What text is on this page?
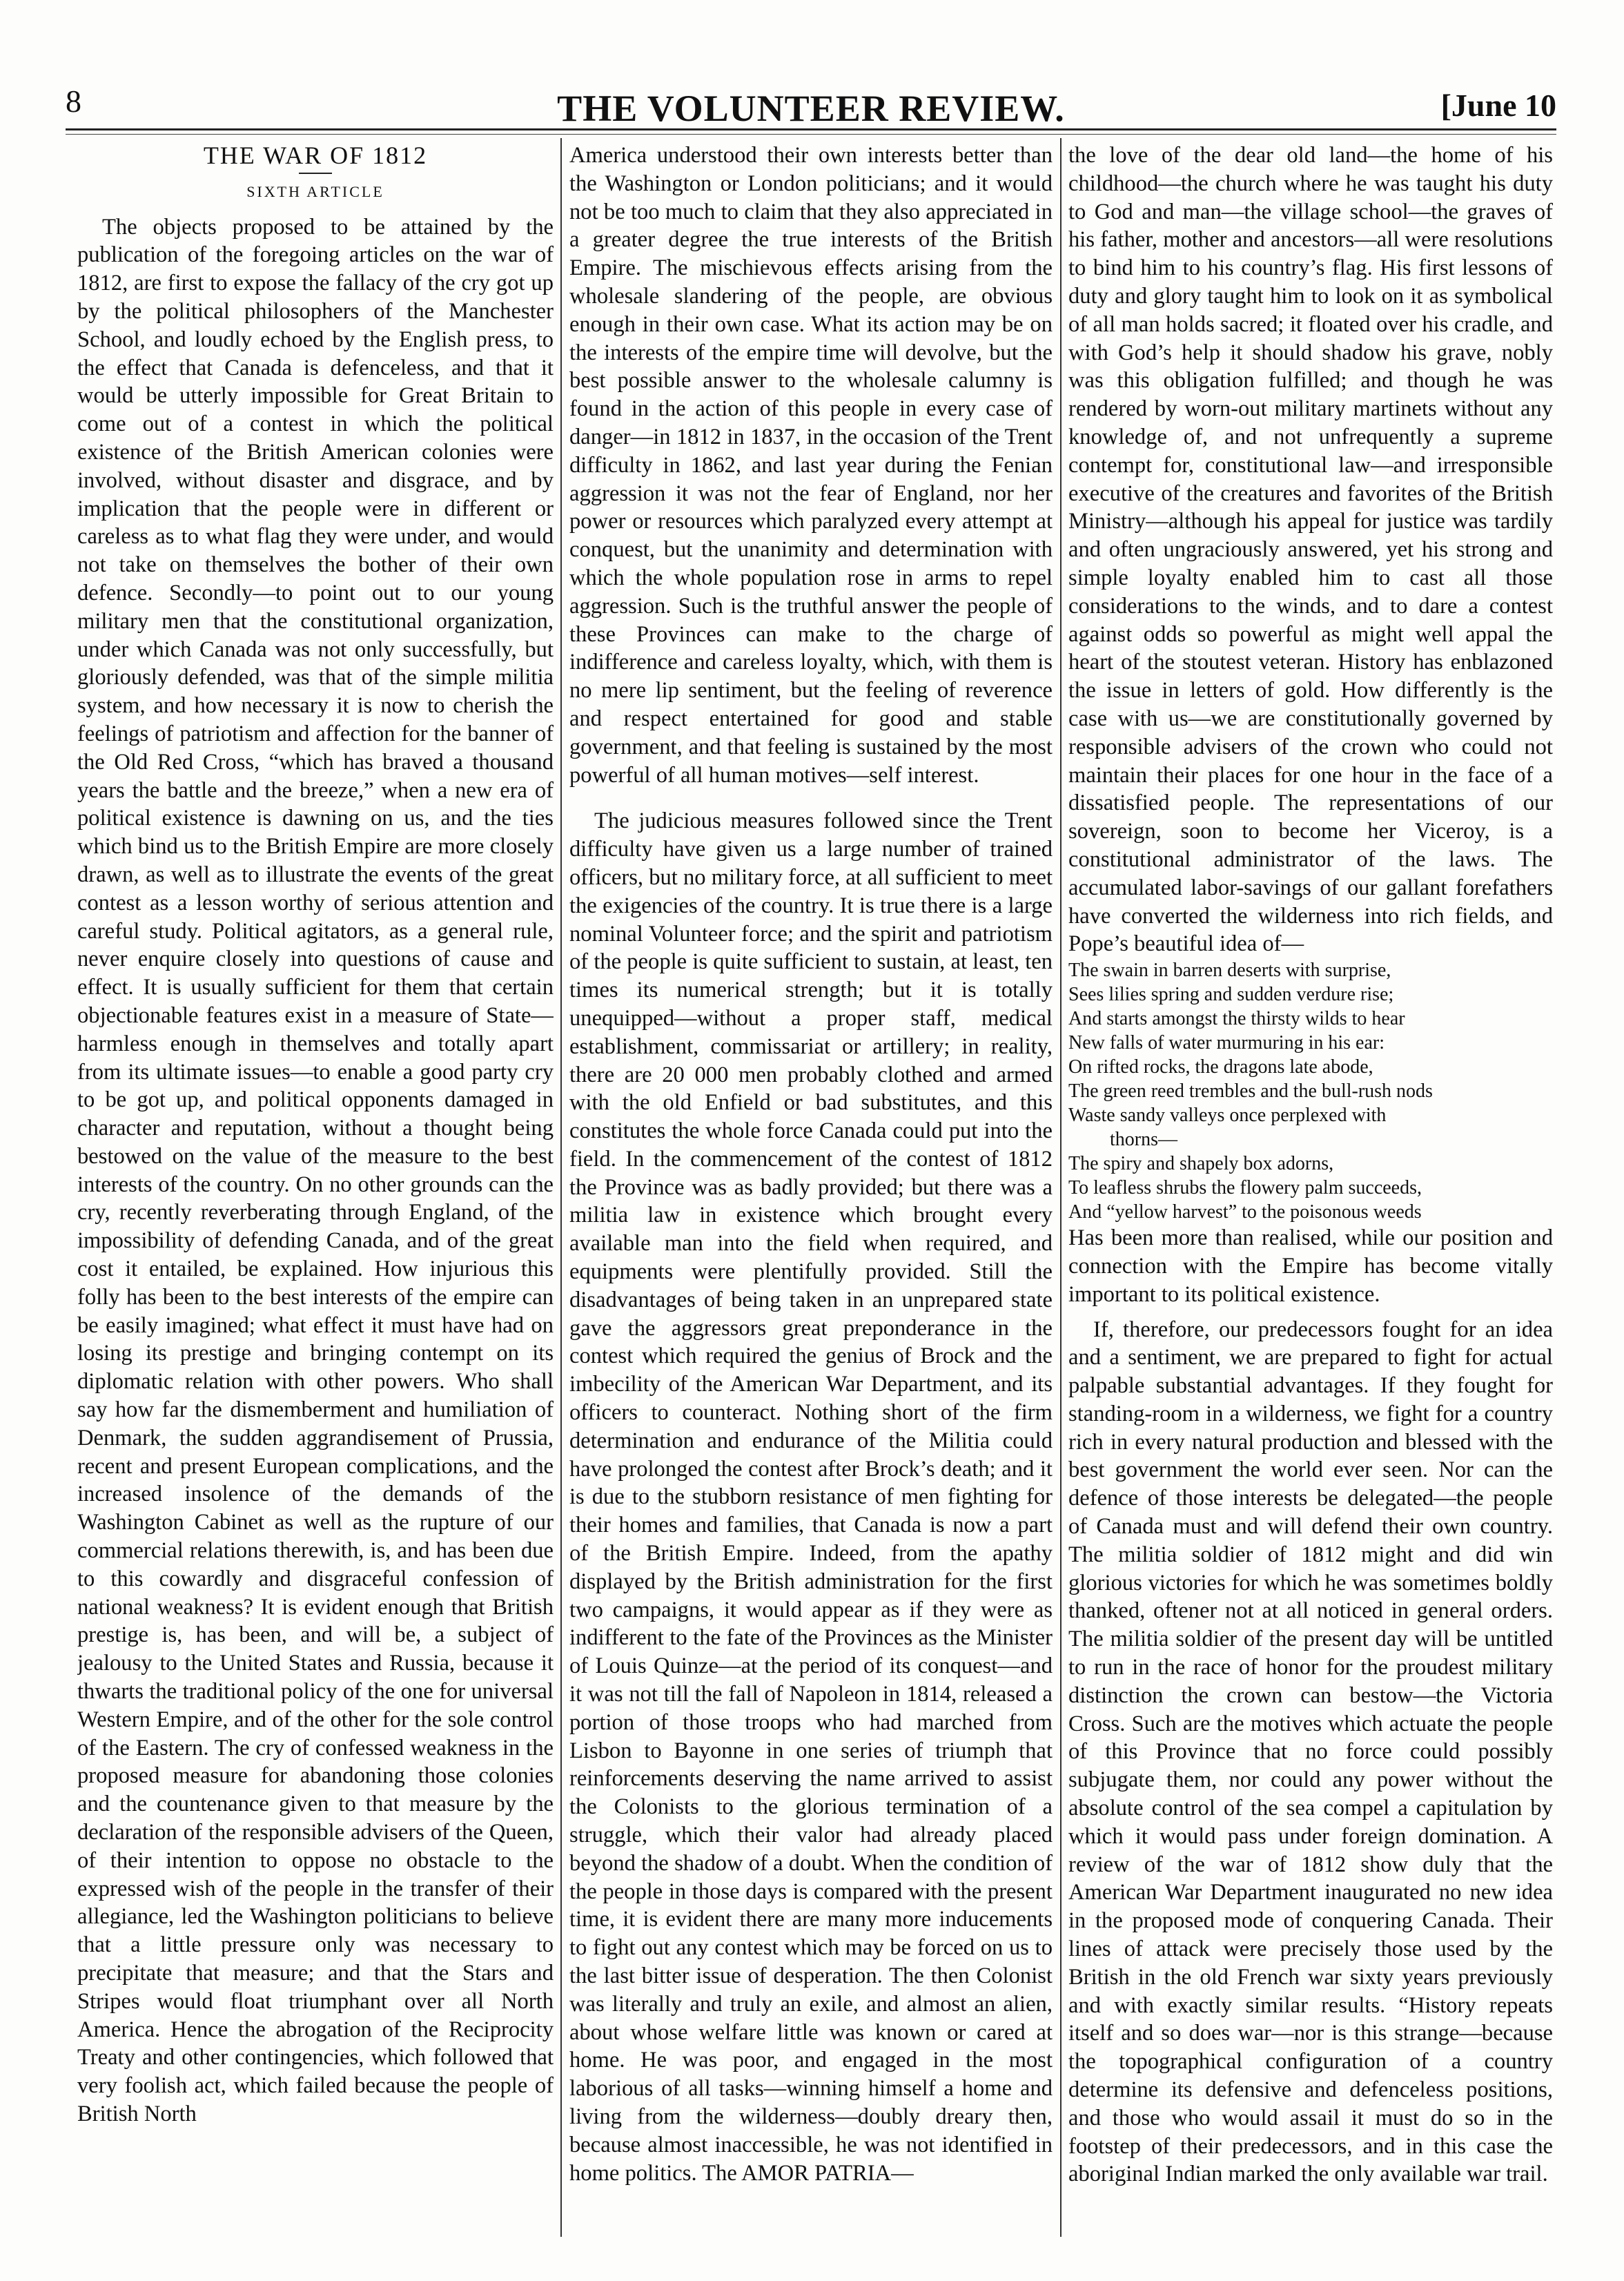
8	THE VOLUNTEER REVIEW.	[June 10
THE WAR OF 1812
SIXTH ARTICLE

The objects proposed to be attained by the publication of the foregoing articles on the war of 1812, are first to expose the fallacy of the cry got up by the political philosophers of the Manchester School, and loudly echoed by the English press, to the effect that Canada is defenceless, and that it would be utterly impossible for Great Britain to come out of a contest in which the political existence of the British American colonies were involved, without disaster and disgrace, and by implication that the people were in different or careless as to what flag they were under, and would not take on themselves the bother of their own defence. Secondly—to point out to our young military men that the constitutional organization, under which Canada was not only successfully, but gloriously defended, was that of the simple militia system, and how necessary it is now to cherish the feelings of patriotism and affection for the banner of the Old Red Cross, “which has braved a thousand years the battle and the breeze,” when a new era of political existence is dawning on us, and the ties which bind us to the British Empire are more closely drawn, as well as to illustrate the events of the great contest as a lesson worthy of serious attention and careful study. Political agitators, as a general rule, never enquire closely into questions of cause and effect. It is usually sufficient for them that certain objectionable features exist in a measure of State—harmless enough in themselves and totally apart from its ultimate issues—to enable a good party cry to be got up, and political opponents damaged in character and reputation, without a thought being bestowed on the value of the measure to the best interests of the country. On no other grounds can the cry, recently reverberating through England, of the impossibility of defending Canada, and of the great cost it entailed, be explained. How injurious this folly has been to the best interests of the empire can be easily imagined; what effect it must have had on losing its prestige and bringing contempt on its diplomatic relation with other powers. Who shall say how far the dismemberment and humiliation of Denmark, the sudden aggrandisement of Prussia, recent and present European complications, and the increased insolence of the demands of the Washington Cabinet as well as the rupture of our commercial relations therewith, is, and has been due to this cowardly and disgraceful confession of national weakness? It is evident enough that British prestige is, has been, and will be, a subject of jealousy to the United States and Russia, because it thwarts the traditional policy of the one for universal Western Empire, and of the other for the sole control of the Eastern. The cry of confessed weakness in the proposed measure for abandoning those colonies and the countenance given to that measure by the declaration of the responsible advisers of the Queen, of their intention to oppose no obstacle to the expressed wish of the people in the transfer of their allegiance, led the Washington politicians to believe that a little pressure only was necessary to precipitate that measure; and that the Stars and Stripes would float triumphant over all North America. Hence the abrogation of the Reciprocity Treaty and other contingencies, which followed that very foolish act, which failed because the people of British North

America understood their own interests better than the Washington or London politicians; and it would not be too much to claim that they also appreciated in a greater degree the true interests of the British Empire. The mischievous effects arising from the wholesale slandering of the people, are obvious enough in their own case. What its action may be on the interests of the empire time will devolve, but the best possible answer to the wholesale calumny is found in the action of this people in every case of danger—in 1812 in 1837, in the occasion of the Trent difficulty in 1862, and last year during the Fenian aggression it was not the fear of England, nor her power or resources which paralyzed every attempt at conquest, but the unanimity and determination with which the whole population rose in arms to repel aggression. Such is the truthful answer the people of these Provinces can make to the charge of indifference and careless loyalty, which, with them is no mere lip sentiment, but the feeling of reverence and respect entertained for good and stable government, and that feeling is sustained by the most powerful of all human motives—self interest.

The judicious measures followed since the Trent difficulty have given us a large number of trained officers, but no military force, at all sufficient to meet the exigencies of the country. It is true there is a large nominal Volunteer force; and the spirit and patriotism of the people is quite sufficient to sustain, at least, ten times its numerical strength; but it is totally unequipped—without a proper staff, medical establishment, commissariat or artillery; in reality, there are 20 000 men probably clothed and armed with the old Enfield or bad substitutes, and this constitutes the whole force Canada could put into the field. In the commencement of the contest of 1812 the Province was as badly provided; but there was a militia law in existence which brought every available man into the field when required, and equipments were plentifully provided. Still the disadvantages of being taken in an unprepared state gave the aggressors great preponderance in the contest which required the genius of Brock and the imbecility of the American War Department, and its officers to counteract. Nothing short of the firm determination and endurance of the Militia could have prolonged the contest after Brock’s death; and it is due to the stubborn resistance of men fighting for their homes and families, that Canada is now a part of the British Empire. Indeed, from the apathy displayed by the British administration for the first two campaigns, it would appear as if they were as indifferent to the fate of the Provinces as the Minister of Louis Quinze—at the period of its conquest—and it was not till the fall of Napoleon in 1814, released a portion of those troops who had marched from Lisbon to Bayonne in one series of triumph that reinforcements deserving the name arrived to assist the Colonists to the glorious termination of a struggle, which their valor had already placed beyond the shadow of a doubt. When the condition of the people in those days is compared with the present time, it is evident there are many more inducements to fight out any contest which may be forced on us to the last bitter issue of desperation. The then Colonist was literally and truly an exile, and almost an alien, about whose welfare little was known or cared at home. He was poor, and engaged in the most laborious of all tasks—winning himself a home and living from the wilderness—doubly dreary then, because almost inaccessible, he was not identified in home politics. The AMOR PATRIA—

the love of the dear old land—the home of his childhood—the church where he was taught his duty to God and man—the village school—the graves of his father, mother and ancestors—all were resolutions to bind him to his country’s flag. His first lessons of duty and glory taught him to look on it as symbolical of all man holds sacred; it floated over his cradle, and with God’s help it should shadow his grave, nobly was this obligation fulfilled; and though he was rendered by worn-out military martinets without any knowledge of, and not unfrequently a supreme contempt for, constitutional law—and irresponsible executive of the creatures and favorites of the British Ministry—although his appeal for justice was tardily and often ungraciously answered, yet his strong and simple loyalty enabled him to cast all those considerations to the winds, and to dare a contest against odds so powerful as might well appal the heart of the stoutest veteran. History has enblazoned the issue in letters of gold. How differently is the case with us—we are constitutionally governed by responsible advisers of the crown who could not maintain their places for one hour in the face of a dissatisfied people. The representations of our sovereign, soon to become her Viceroy, is a constitutional administrator of the laws. The accumulated labor-savings of our gallant forefathers have converted the wilderness into rich fields, and Pope’s beautiful idea of—

The swain in barren deserts with surprise,
Sees lilies spring and sudden verdure rise;
And starts amongst the thirsty wilds to hear
New falls of water murmuring in his ear:
On rifted rocks, the dragons late abode,
The green reed trembles and the bull-rush nods
Waste sandy valleys once perplexed with
thorns—
The spiry and shapely box adorns,
To leafless shrubs the flowery palm succeeds,
And “yellow harvest” to the poisonous weeds

Has been more than realised, while our position and connection with the Empire has become vitally important to its political existence.

If, therefore, our predecessors fought for an idea and a sentiment, we are prepared to fight for actual palpable substantial advantages. If they fought for standing-room in a wilderness, we fight for a country rich in every natural production and blessed with the best government the world ever seen. Nor can the defence of those interests be delegated—the people of Canada must and will defend their own country. The militia soldier of 1812 might and did win glorious victories for which he was sometimes boldly thanked, oftener not at all noticed in general orders. The militia soldier of the present day will be untitled to run in the race of honor for the proudest military distinction the crown can bestow—the Victoria Cross. Such are the motives which actuate the people of this Province that no force could possibly subjugate them, nor could any power without the absolute control of the sea compel a capitulation by which it would pass under foreign domination. A review of the war of 1812 show duly that the American War Department inaugurated no new idea in the proposed mode of conquering Canada. Their lines of attack were precisely those used by the British in the old French war sixty years previously and with exactly similar results. “History repeats itself and so does war—nor is this strange—because the topographical configuration of a country determine its defensive and defenceless positions, and those who would assail it must do so in the footstep of their predecessors, and in this case the aboriginal Indian marked the only available war trail.
